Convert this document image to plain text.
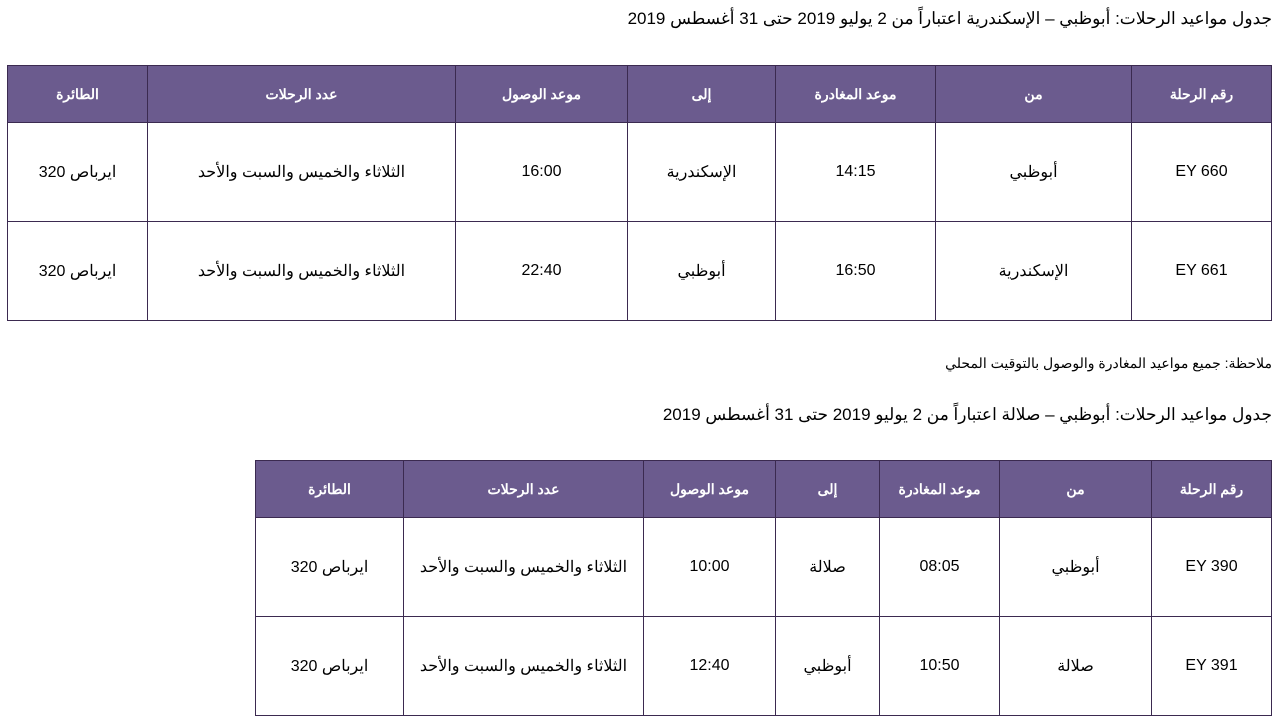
جدول مواعيد الرحلات: أبوظبي – الإسكندرية اعتباراً من 2 يوليو 2019 حتى 31 أغسطس 2019
رقم الرحلة	من	موعد المغادرة	إلى	موعد الوصول	عدد الرحلات	الطائرة
EY 660	أبوظبي	14:15	الإسكندرية	16:00	الثلاثاء والخميس والسبت والأحد	ايرباص 320
EY 661	الإسكندرية	16:50	أبوظبي	22:40	الثلاثاء والخميس والسبت والأحد	ايرباص 320
ملاحظة: جميع مواعيد المغادرة والوصول بالتوقيت المحلي
جدول مواعيد الرحلات: أبوظبي – صلالة اعتباراً من 2 يوليو 2019 حتى 31 أغسطس 2019
رقم الرحلة	من	موعد المغادرة	إلى	موعد الوصول	عدد الرحلات	الطائرة
EY 390	أبوظبي	08:05	صلالة	10:00	الثلاثاء والخميس والسبت والأحد	ايرباص 320
EY 391	صلالة	10:50	أبوظبي	12:40	الثلاثاء والخميس والسبت والأحد	ايرباص 320
